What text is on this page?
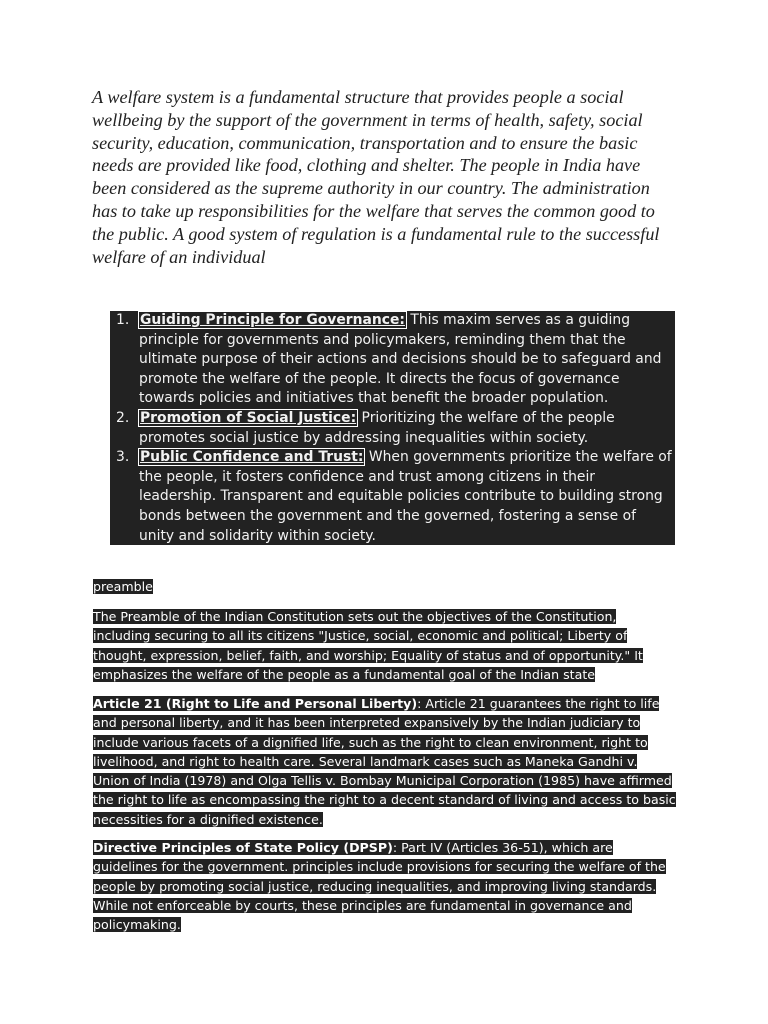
A welfare system is a fundamental structure that provides people a social wellbeing by the support of the government in terms of health, safety, social security, education, communication, transportation and to ensure the basic needs are provided like food, clothing and shelter. The people in India have been considered as the supreme authority in our country. The administration has to take up responsibilities for the welfare that serves the common good to the public. A good system of regulation is a fundamental rule to the successful welfare of an individual

1. Guiding Principle for Governance: This maxim serves as a guiding principle for governments and policymakers, reminding them that the ultimate purpose of their actions and decisions should be to safeguard and promote the welfare of the people. It directs the focus of governance towards policies and initiatives that benefit the broader population.
2. Promotion of Social Justice: Prioritizing the welfare of the people promotes social justice by addressing inequalities within society.
3. Public Confidence and Trust: When governments prioritize the welfare of the people, it fosters confidence and trust among citizens in their leadership. Transparent and equitable policies contribute to building strong bonds between the government and the governed, fostering a sense of unity and solidarity within society.

preamble

The Preamble of the Indian Constitution sets out the objectives of the Constitution, including securing to all its citizens "Justice, social, economic and political; Liberty of thought, expression, belief, faith, and worship; Equality of status and of opportunity." It emphasizes the welfare of the people as a fundamental goal of the Indian state

Article 21 (Right to Life and Personal Liberty): Article 21 guarantees the right to life and personal liberty, and it has been interpreted expansively by the Indian judiciary to include various facets of a dignified life, such as the right to clean environment, right to livelihood, and right to health care. Several landmark cases such as Maneka Gandhi v. Union of India (1978) and Olga Tellis v. Bombay Municipal Corporation (1985) have affirmed the right to life as encompassing the right to a decent standard of living and access to basic necessities for a dignified existence.

Directive Principles of State Policy (DPSP): Part IV (Articles 36-51), which are guidelines for the government. principles include provisions for securing the welfare of the people by promoting social justice, reducing inequalities, and improving living standards. While not enforceable by courts, these principles are fundamental in governance and policymaking.
